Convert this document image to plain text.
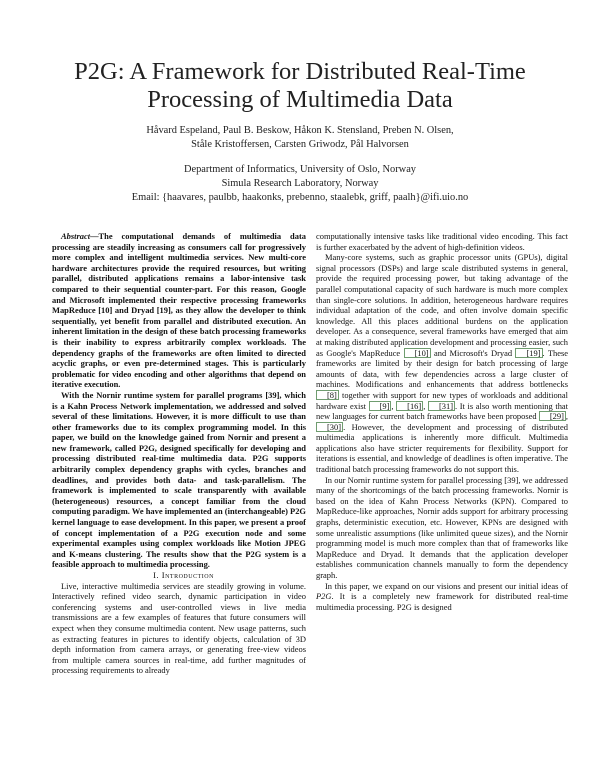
P2G: A Framework for Distributed Real-Time
Processing of Multimedia Data
Håvard Espeland, Paul B. Beskow, Håkon K. Stensland, Preben N. Olsen,
Ståle Kristoffersen, Carsten Griwodz, Pål Halvorsen
Department of Informatics, University of Oslo, Norway
Simula Research Laboratory, Norway
Email: {haavares, paulbb, haakonks, prebenno, staalebk, griff, paalh}@ifi.uio.no

Abstract—The computational demands of multimedia data processing are steadily increasing as consumers call for progressively more complex and intelligent multimedia services. New multi-core hardware architectures provide the required resources, but writing parallel, distributed applications remains a labor-intensive task compared to their sequential counter-part. For this reason, Google and Microsoft implemented their respective processing frameworks MapReduce [10] and Dryad [19], as they allow the developer to think sequentially, yet benefit from parallel and distributed execution. An inherent limitation in the design of these batch processing frameworks is their inability to express arbitrarily complex workloads. The dependency graphs of the frameworks are often limited to directed acyclic graphs, or even pre-determined stages. This is particularly problematic for video encoding and other algorithms that depend on iterative execution.

With the Nornir runtime system for parallel programs [39], which is a Kahn Process Network implementation, we addressed and solved several of these limitations. However, it is more difficult to use than other frameworks due to its complex programming model. In this paper, we build on the knowledge gained from Nornir and present a new framework, called P2G, designed specifically for developing and processing distributed real-time multimedia data. P2G supports arbitrarily complex dependency graphs with cycles, branches and deadlines, and provides both data- and task-parallelism. The framework is implemented to scale transparently with available (heterogeneous) resources, a concept familiar from the cloud computing paradigm. We have implemented an (interchangeable) P2G kernel language to ease development. In this paper, we present a proof of concept implementation of a P2G execution node and some experimental examples using complex workloads like Motion JPEG and K-means clustering. The results show that the P2G system is a feasible approach to multimedia processing.

I. Introduction

Live, interactive multimedia services are steadily growing in volume. Interactively refined video search, dynamic participation in video conferencing systems and user-controlled views in live media transmissions are a few examples of features that future consumers will expect when they consume multimedia content. New usage patterns, such as extracting features in pictures to identify objects, calculation of 3D depth information from camera arrays, or generating free-view videos from multiple camera sources in real-time, add further magnitudes of processing requirements to already

computationally intensive tasks like traditional video encoding. This fact is further exacerbated by the advent of high-definition videos.

Many-core systems, such as graphic processor units (GPUs), digital signal processors (DSPs) and large scale distributed systems in general, provide the required processing power, but taking advantage of the parallel computational capacity of such hardware is much more complex than single-core solutions. In addition, heterogeneous hardware requires individual adaptation of the code, and often involve domain specific knowledge. All this places additional burdens on the application developer. As a consequence, several frameworks have emerged that aim at making distributed application development and processing easier, such as Google's MapReduce [10] and Microsoft's Dryad [19] . These frameworks are limited by their design for batch processing of large amounts of data, with few dependencies across a large cluster of machines. Modifications and enhancements that address bottlenecks [8] together with support for new types of workloads and additional hardware exist [9] , [16] , [31] . It is also worth mentioning that new languages for current batch frameworks have been proposed [29] , [30] . However, the development and processing of distributed multimedia applications is inherently more difficult. Multimedia applications also have stricter requirements for flexibility. Support for iterations is essential, and knowledge of deadlines is often imperative. The traditional batch processing frameworks do not support this.

In our Nornir runtime system for parallel processing [39], we addressed many of the shortcomings of the batch processing frameworks. Nornir is based on the idea of Kahn Process Networks (KPN). Compared to MapReduce-like approaches, Nornir adds support for arbitrary processing graphs, deterministic execution, etc. However, KPNs are designed with some unrealistic assumptions (like unlimited queue sizes), and the Nornir programming model is much more complex than that of frameworks like MapReduce and Dryad. It demands that the application developer establishes communication channels manually to form the dependency graph.

In this paper, we expand on our visions and present our initial ideas of P2G. It is a completely new framework for distributed real-time multimedia processing. P2G is designed
